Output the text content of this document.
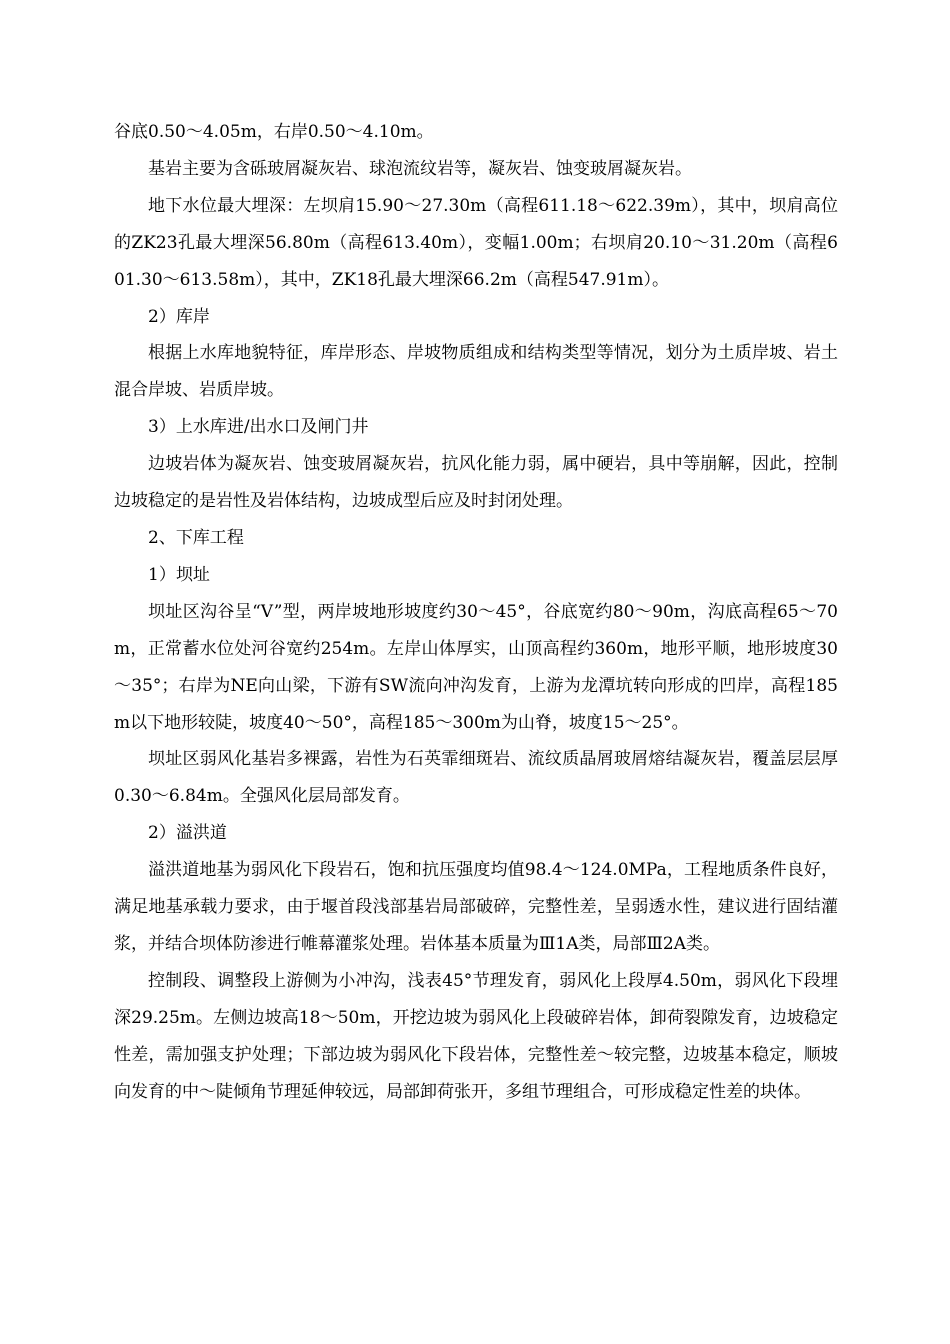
谷底0.50～4.05m，右岸0.50～4.10m。

基岩主要为含砾玻屑凝灰岩、球泡流纹岩等，凝灰岩、蚀变玻屑凝灰岩。

地下水位最大埋深：左坝肩15.90～27.30m（高程611.18～622.39m），其中，坝肩高位的ZK23孔最大埋深56.80m（高程613.40m），变幅1.00m；右坝肩20.10～31.20m（高程601.30～613.58m），其中，ZK18孔最大埋深66.2m（高程547.91m）。

2）库岸

根据上水库地貌特征，库岸形态、岸坡物质组成和结构类型等情况，划分为土质岸坡、岩土混合岸坡、岩质岸坡。

3）上水库进/出水口及闸门井

边坡岩体为凝灰岩、蚀变玻屑凝灰岩，抗风化能力弱，属中硬岩，具中等崩解，因此，控制边坡稳定的是岩性及岩体结构，边坡成型后应及时封闭处理。

2、下库工程

1）坝址

坝址区沟谷呈“V”型，两岸坡地形坡度约30～45°，谷底宽约80～90m，沟底高程65～70m，正常蓄水位处河谷宽约254m。左岸山体厚实，山顶高程约360m，地形平顺，地形坡度30～35°；右岸为NE向山梁，下游有SW流向冲沟发育，上游为龙潭坑转向形成的凹岸，高程185m以下地形较陡，坡度40～50°，高程185～300m为山脊，坡度15～25°。

坝址区弱风化基岩多裸露，岩性为石英霏细斑岩、流纹质晶屑玻屑熔结凝灰岩，覆盖层层厚0.30～6.84m。全强风化层局部发育。

2）溢洪道

溢洪道地基为弱风化下段岩石，饱和抗压强度均值98.4～124.0MPa，工程地质条件良好，满足地基承载力要求，由于堰首段浅部基岩局部破碎，完整性差，呈弱透水性，建议进行固结灌浆，并结合坝体防渗进行帷幕灌浆处理。岩体基本质量为Ⅲ1A类，局部Ⅲ2A类。

控制段、调整段上游侧为小冲沟，浅表45°节理发育，弱风化上段厚4.50m，弱风化下段埋深29.25m。左侧边坡高18～50m，开挖边坡为弱风化上段破碎岩体，卸荷裂隙发育，边坡稳定性差，需加强支护处理；下部边坡为弱风化下段岩体，完整性差～较完整，边坡基本稳定，顺坡向发育的中～陡倾角节理延伸较远，局部卸荷张开，多组节理组合，可形成稳定性差的块体。
